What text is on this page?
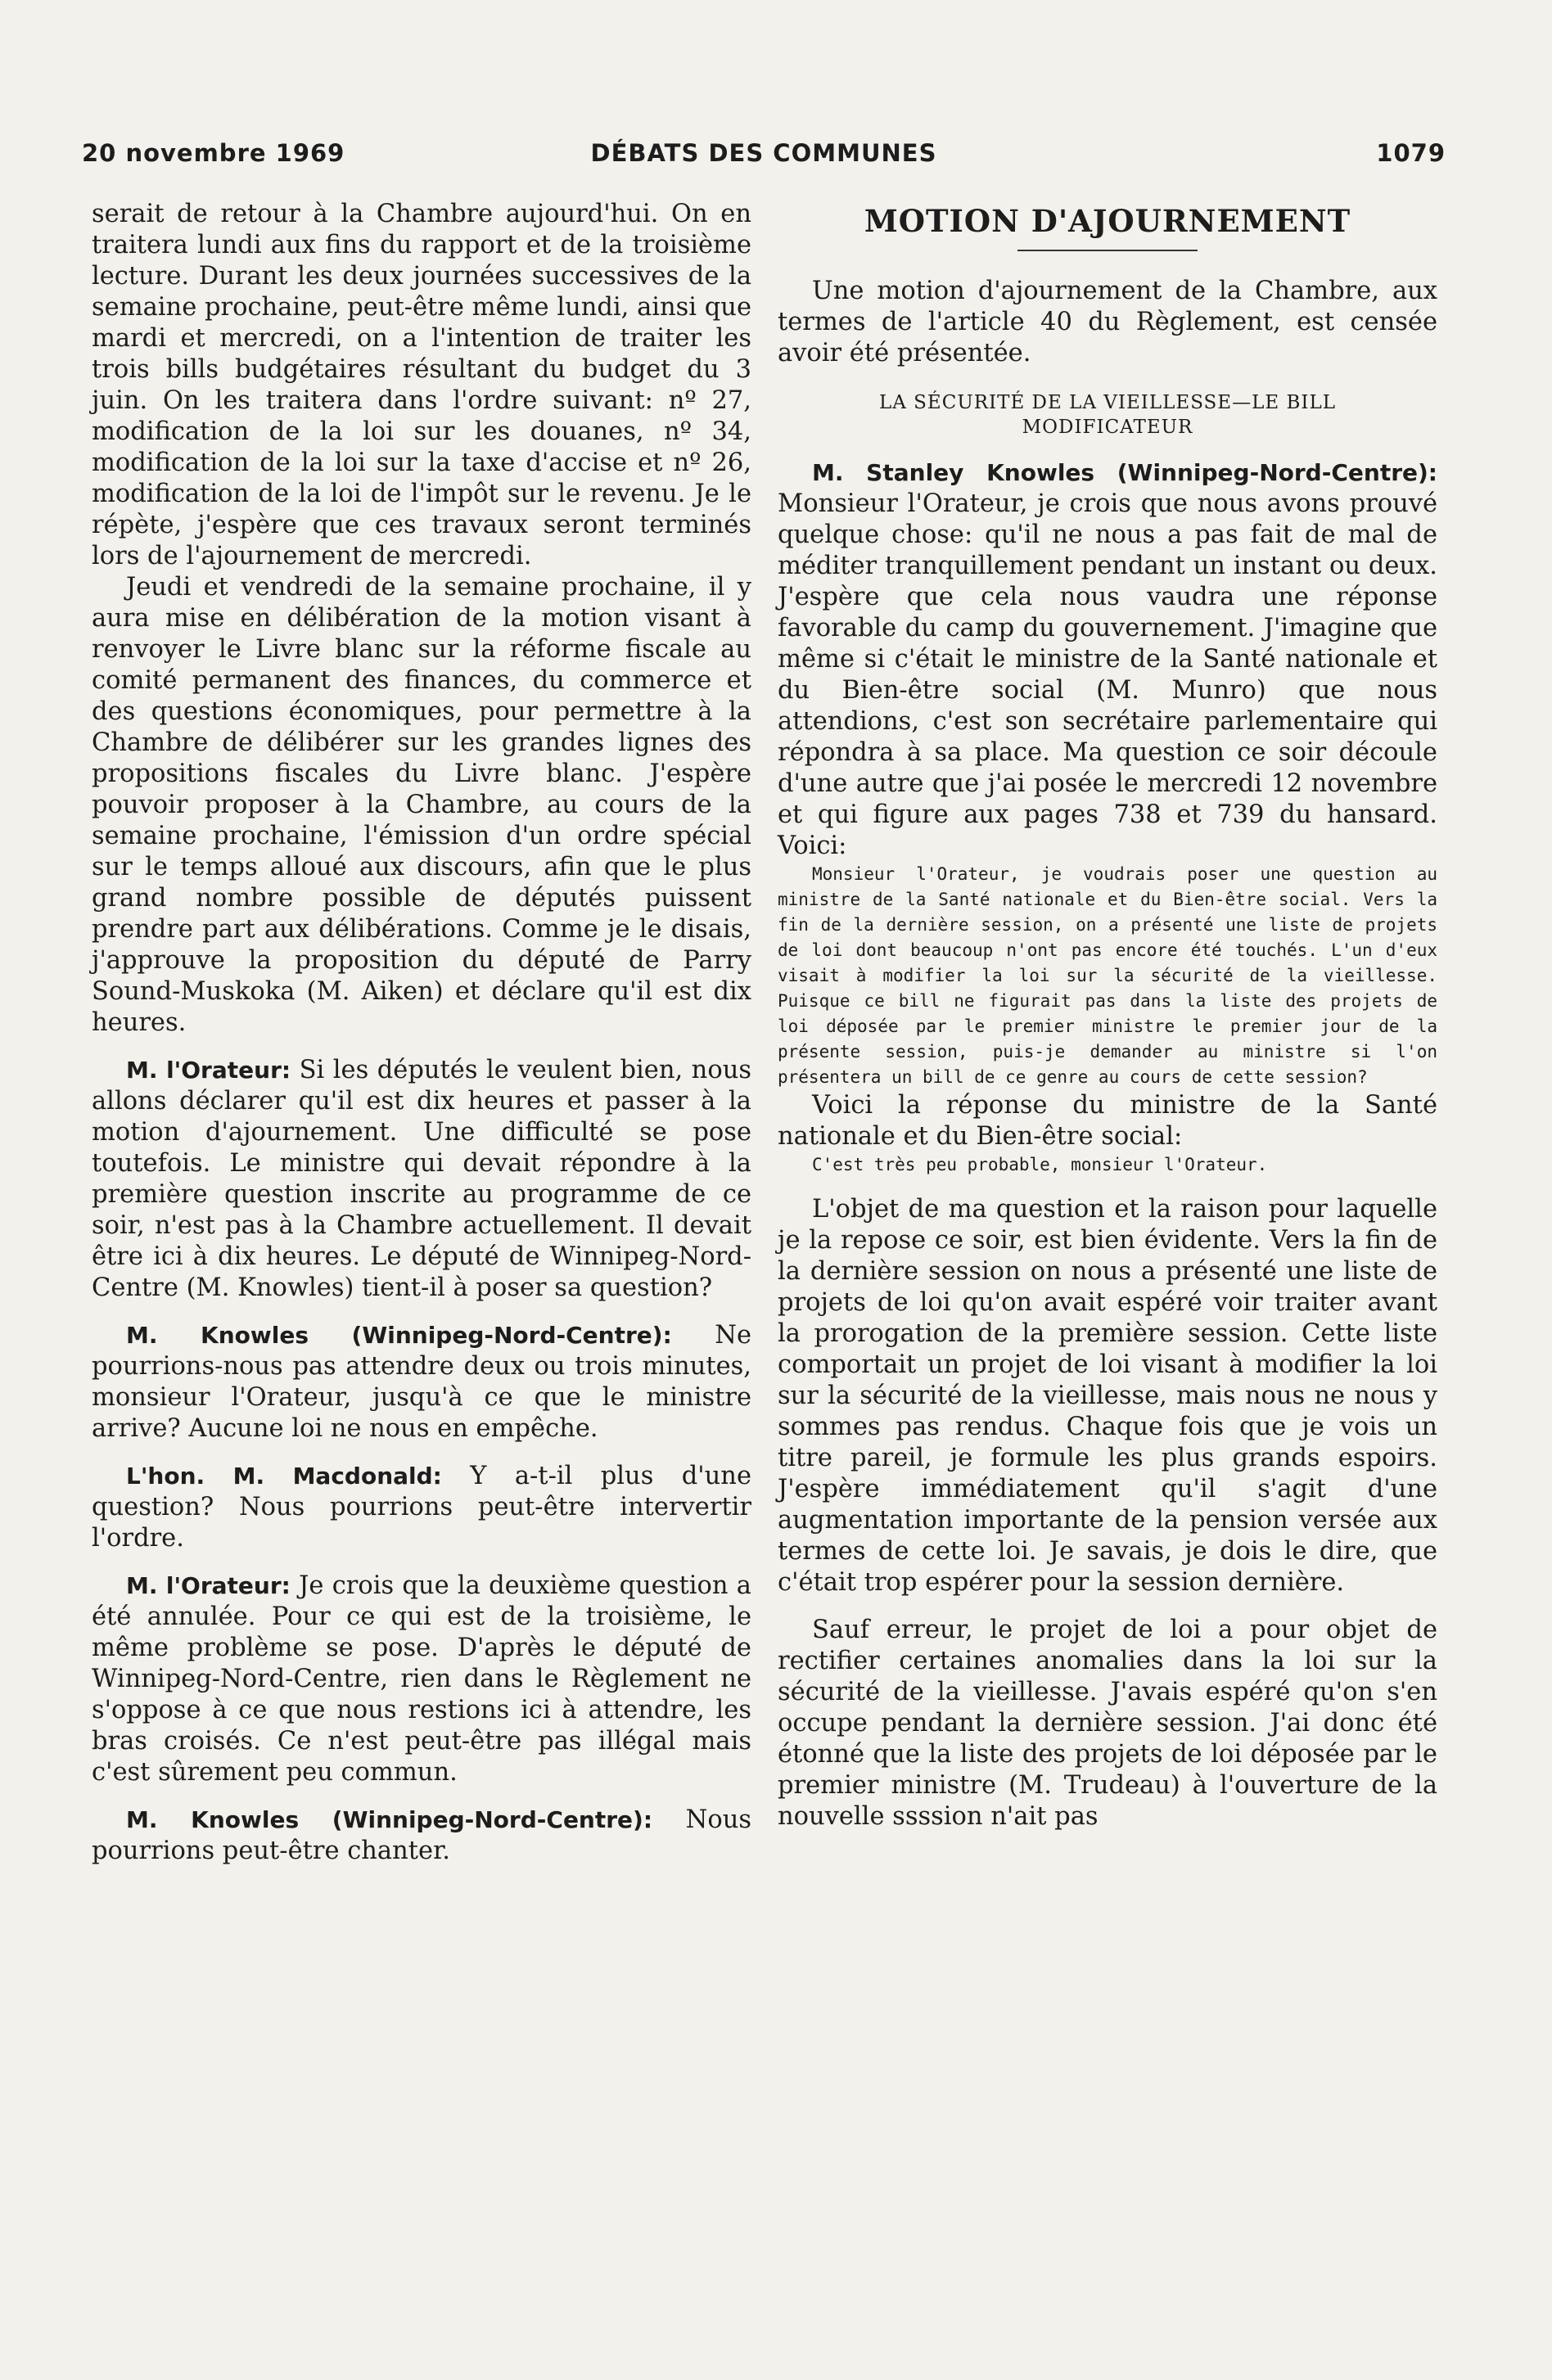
20 novembre 1969	DÉBATS DES COMMUNES	1079

serait de retour à la Chambre aujourd'hui. On en traitera lundi aux fins du rapport et de la troisième lecture. Durant les deux journées successives de la semaine prochaine, peut-être même lundi, ainsi que mardi et mercredi, on a l'intention de traiter les trois bills budgétaires résultant du budget du 3 juin. On les traitera dans l'ordre suivant: nº 27, modification de la loi sur les douanes, nº 34, modification de la loi sur la taxe d'accise et nº 26, modification de la loi de l'impôt sur le revenu. Je le répète, j'espère que ces travaux seront terminés lors de l'ajournement de mercredi.

Jeudi et vendredi de la semaine prochaine, il y aura mise en délibération de la motion visant à renvoyer le Livre blanc sur la réforme fiscale au comité permanent des finances, du commerce et des questions économiques, pour permettre à la Chambre de délibérer sur les grandes lignes des propositions fiscales du Livre blanc. J'espère pouvoir proposer à la Chambre, au cours de la semaine prochaine, l'émission d'un ordre spécial sur le temps alloué aux discours, afin que le plus grand nombre possible de députés puissent prendre part aux délibérations. Comme je le disais, j'approuve la proposition du député de Parry Sound-Muskoka (M. Aiken) et déclare qu'il est dix heures.

M. l'Orateur: Si les députés le veulent bien, nous allons déclarer qu'il est dix heures et passer à la motion d'ajournement. Une difficulté se pose toutefois. Le ministre qui devait répondre à la première question inscrite au programme de ce soir, n'est pas à la Chambre actuellement. Il devait être ici à dix heures. Le député de Winnipeg-Nord-Centre (M. Knowles) tient-il à poser sa question?

M. Knowles (Winnipeg-Nord-Centre): Ne pourrions-nous pas attendre deux ou trois minutes, monsieur l'Orateur, jusqu'à ce que le ministre arrive? Aucune loi ne nous en empêche.

L'hon. M. Macdonald: Y a-t-il plus d'une question? Nous pourrions peut-être intervertir l'ordre.

M. l'Orateur: Je crois que la deuxième question a été annulée. Pour ce qui est de la troisième, le même problème se pose. D'après le député de Winnipeg-Nord-Centre, rien dans le Règlement ne s'oppose à ce que nous restions ici à attendre, les bras croisés. Ce n'est peut-être pas illégal mais c'est sûrement peu commun.

M. Knowles (Winnipeg-Nord-Centre): Nous pourrions peut-être chanter.

MOTION D'AJOURNEMENT

Une motion d'ajournement de la Chambre, aux termes de l'article 40 du Règlement, est censée avoir été présentée.

LA SÉCURITÉ DE LA VIEILLESSE—LE BILL MODIFICATEUR

M. Stanley Knowles (Winnipeg-Nord-Centre): Monsieur l'Orateur, je crois que nous avons prouvé quelque chose: qu'il ne nous a pas fait de mal de méditer tranquillement pendant un instant ou deux. J'espère que cela nous vaudra une réponse favorable du camp du gouvernement. J'imagine que même si c'était le ministre de la Santé nationale et du Bien-être social (M. Munro) que nous attendions, c'est son secrétaire parlementaire qui répondra à sa place. Ma question ce soir découle d'une autre que j'ai posée le mercredi 12 novembre et qui figure aux pages 738 et 739 du hansard. Voici:

Monsieur l'Orateur, je voudrais poser une question au ministre de la Santé nationale et du Bien-être social. Vers la fin de la dernière session, on a présenté une liste de projets de loi dont beaucoup n'ont pas encore été touchés. L'un d'eux visait à modifier la loi sur la sécurité de la vieillesse. Puisque ce bill ne figurait pas dans la liste des projets de loi déposée par le premier ministre le premier jour de la présente session, puis-je demander au ministre si l'on présentera un bill de ce genre au cours de cette session?

Voici la réponse du ministre de la Santé nationale et du Bien-être social:

C'est très peu probable, monsieur l'Orateur.

L'objet de ma question et la raison pour laquelle je la repose ce soir, est bien évidente. Vers la fin de la dernière session on nous a présenté une liste de projets de loi qu'on avait espéré voir traiter avant la prorogation de la première session. Cette liste comportait un projet de loi visant à modifier la loi sur la sécurité de la vieillesse, mais nous ne nous y sommes pas rendus. Chaque fois que je vois un titre pareil, je formule les plus grands espoirs. J'espère immédiatement qu'il s'agit d'une augmentation importante de la pension versée aux termes de cette loi. Je savais, je dois le dire, que c'était trop espérer pour la session dernière.

Sauf erreur, le projet de loi a pour objet de rectifier certaines anomalies dans la loi sur la sécurité de la vieillesse. J'avais espéré qu'on s'en occupe pendant la dernière session. J'ai donc été étonné que la liste des projets de loi déposée par le premier ministre (M. Trudeau) à l'ouverture de la nouvelle ssssion n'ait pas
